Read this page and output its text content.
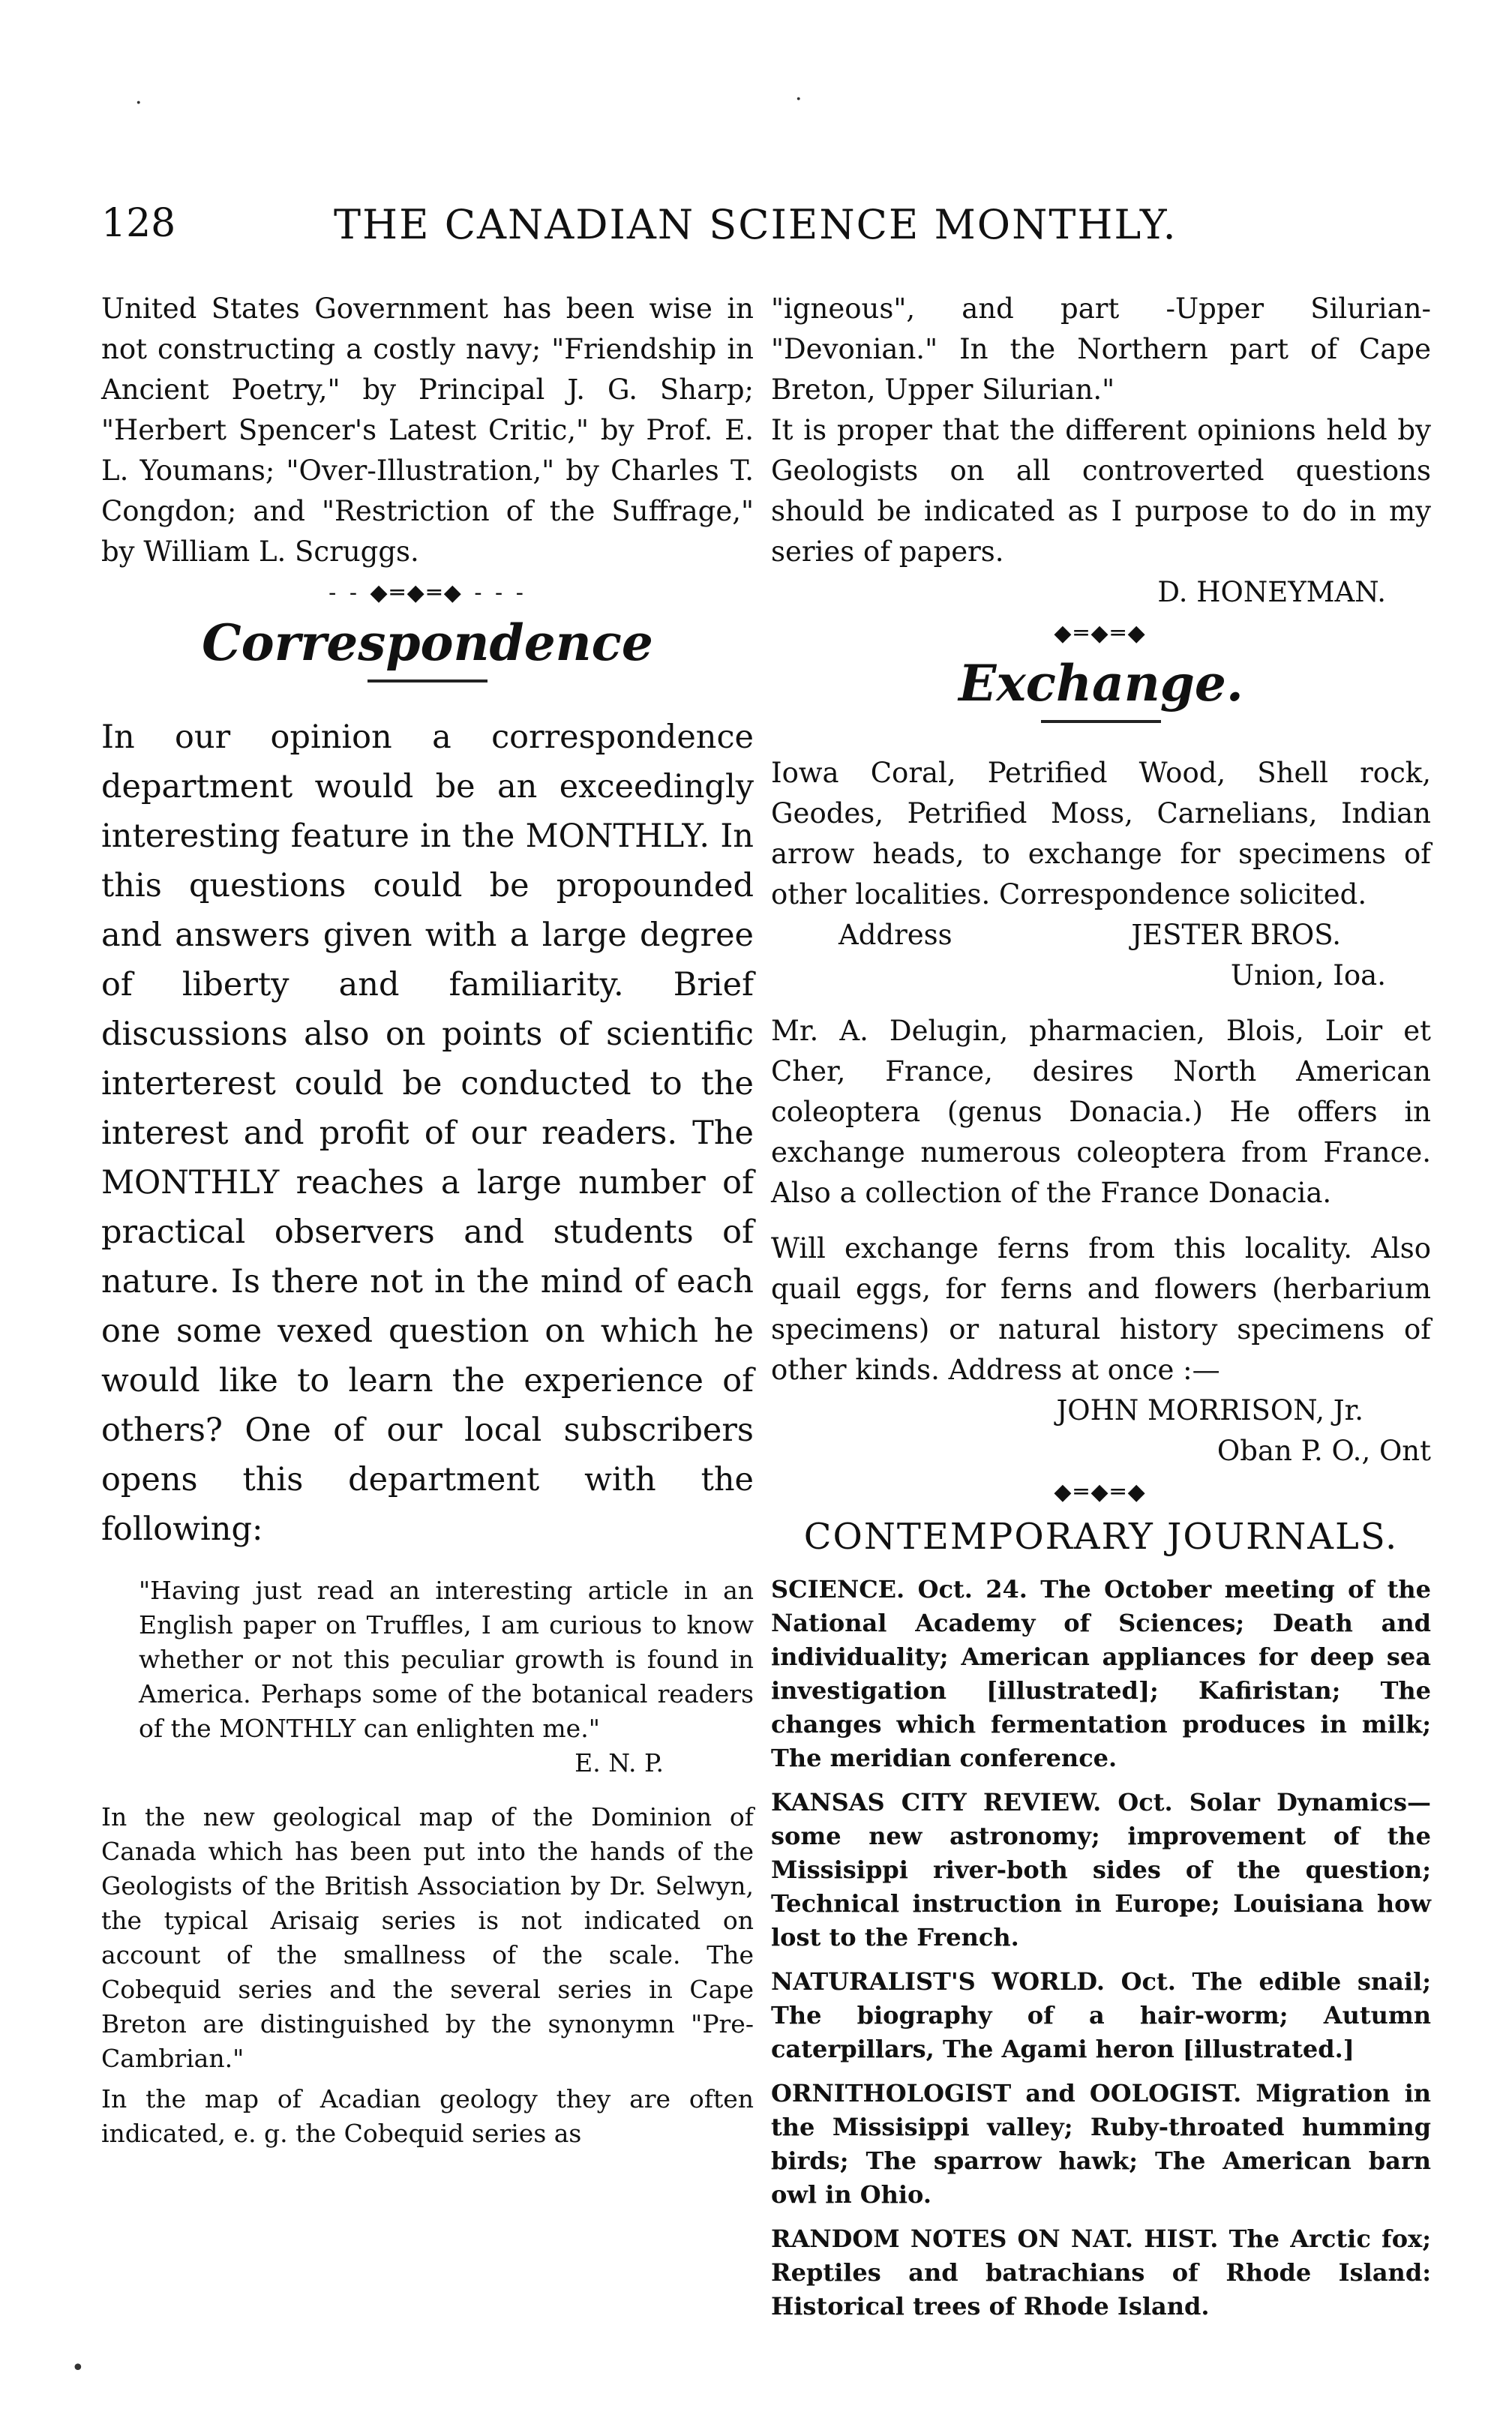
128	THE CANADIAN SCIENCE MONTHLY.

United States Government has been wise in not constructing a costly navy; "Friendship in Ancient Poetry," by Principal J. G. Sharp; "Herbert Spencer's Latest Critic," by Prof. E. L. Youmans; "Over-Illustration," by Charles T. Congdon; and "Restriction of the Suffrage," by William L. Scruggs.

- - ◆═◆═◆ - - -
Correspondence

In our opinion a correspondence department would be an exceedingly interesting feature in the MONTHLY. In this questions could be propounded and answers given with a large degree of liberty and familiarity. Brief discussions also on points of scientific interterest could be conducted to the interest and profit of our readers. The MONTHLY reaches a large number of practical observers and students of nature. Is there not in the mind of each one some vexed question on which he would like to learn the experience of others? One of our local subscribers opens this department with the following:

"Having just read an interesting article in an English paper on Truffles, I am curious to know whether or not this peculiar growth is found in America. Perhaps some of the botanical readers of the MONTHLY can enlighten me."

E. N. P.

In the new geological map of the Dominion of Canada which has been put into the hands of the Geologists of the British Association by Dr. Selwyn, the typical Arisaig series is not indicated on account of the smallness of the scale. The Cobequid series and the several series in Cape Breton are distinguished by the synonymn "Pre-Cambrian."

In the map of Acadian geology they are often indicated, e. g. the Cobequid series as

"igneous", and part -Upper Silurian-"Devonian." In the Northern part of Cape Breton, Upper Silurian."

It is proper that the different opinions held by Geologists on all controverted questions should be indicated as I purpose to do in my series of papers.

D. HONEYMAN.

◆═◆═◆
Exchange.

Iowa Coral, Petrified Wood, Shell rock, Geodes, Petrified Moss, Carnelians, Indian arrow heads, to exchange for specimens of other localities. Correspondence solicited.

Address	JESTER BROS.

Union, Ioa.

Mr. A. Delugin, pharmacien, Blois, Loir et Cher, France, desires North American coleoptera (genus Donacia.) He offers in exchange numerous coleoptera from France. Also a collection of the France Donacia.

Will exchange ferns from this locality. Also quail eggs, for ferns and flowers (herbarium specimens) or natural history specimens of other kinds. Address at once :—

JOHN MORRISON, Jr.

Oban P. O., Ont

◆═◆═◆
CONTEMPORARY JOURNALS.

SCIENCE. Oct. 24. The October meeting of the National Academy of Sciences; Death and individuality; American appliances for deep sea investigation [illustrated]; Kafiristan; The changes which fermentation produces in milk; The meridian conference.

KANSAS CITY REVIEW. Oct. Solar Dynamics—some new astronomy; improvement of the Missisippi river-both sides of the question; Technical instruction in Europe; Louisiana how lost to the French.

NATURALIST'S WORLD. Oct. The edible snail; The biography of a hair-worm; Autumn caterpillars, The Agami heron [illustrated.]

ORNITHOLOGIST and OOLOGIST. Migration in the Missisippi valley; Ruby-throated humming birds; The sparrow hawk; The American barn owl in Ohio.

RANDOM NOTES ON NAT. HIST. The Arctic fox; Reptiles and batrachians of Rhode Island: Historical trees of Rhode Island.

·	·
•
